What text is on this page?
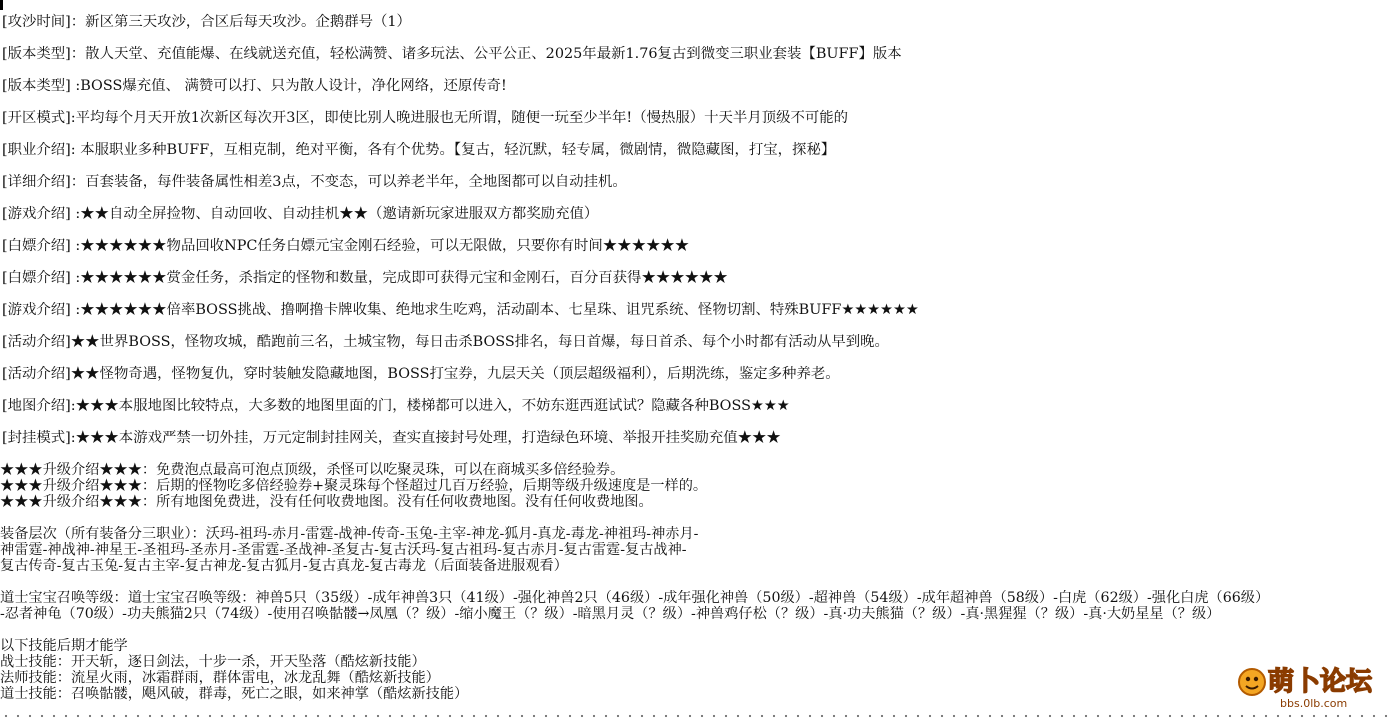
[攻沙时间]：新区第三天攻沙，合区后每天攻沙。企鹅群号（1）
[版本类型]：散人天堂、充值能爆、在线就送充值，轻松满赞、诸多玩法、公平公正、2025年最新1.76复古到微变三职业套装【BUFF】版本
[版本类型] :BOSS爆充值、 满赞可以打、只为散人设计，净化网络，还原传奇!
[开区模式]:平均每个月天开放1次新区每次开3区，即使比别人晚进服也无所谓，随便一玩至少半年!（慢热服）十天半月顶级不可能的
[职业介绍]: 本服职业多种BUFF，互相克制，绝对平衡，各有个优势。【复古，轻沉默，轻专属，微剧情，微隐藏图，打宝，探秘】
[详细介绍]：百套装备，每件装备属性相差3点，不变态，可以养老半年，全地图都可以自动挂机。
[游戏介绍] :★★自动全屏捡物、自动回收、自动挂机★★（邀请新玩家进服双方都奖励充值）
[白嫖介绍] :★★★★★★物品回收NPC任务白嫖元宝金刚石经验，可以无限做，只要你有时间★★★★★★
[白嫖介绍] :★★★★★★赏金任务，杀指定的怪物和数量，完成即可获得元宝和金刚石，百分百获得★★★★★★
[游戏介绍] :★★★★★★倍率BOSS挑战、撸啊撸卡牌收集、绝地求生吃鸡，活动副本、七星珠、诅咒系统、怪物切割、特殊BUFF★★★★★★
[活动介绍]★★世界BOSS，怪物攻城，酷跑前三名，土城宝物，每日击杀BOSS排名，每日首爆，每日首杀、每个小时都有活动从早到晚。
[活动介绍]★★怪物奇遇，怪物复仇，穿时装触发隐藏地图，BOSS打宝券，九层天关（顶层超级福利），后期洗练，鉴定多种养老。
[地图介绍]:★★★本服地图比较特点，大多数的地图里面的门，楼梯都可以进入，不妨东逛西逛试试？隐藏各种BOSS★★★
[封挂模式]:★★★本游戏严禁一切外挂，万元定制封挂网关，查实直接封号处理，打造绿色环境、举报开挂奖励充值★★★
★★★升级介绍★★★：免费泡点最高可泡点顶级，杀怪可以吃聚灵珠，可以在商城买多倍经验券。
★★★升级介绍★★★：后期的怪物吃多倍经验券+聚灵珠每个怪超过几百万经验，后期等级升级速度是一样的。
★★★升级介绍★★★：所有地图免费进，没有任何收费地图。没有任何收费地图。没有任何收费地图。
装备层次（所有装备分三职业）：沃玛-祖玛-赤月-雷霆-战神-传奇-玉兔-主宰-神龙-狐月-真龙-毒龙-神祖玛-神赤月-
神雷霆-神战神-神星王-圣祖玛-圣赤月-圣雷霆-圣战神-圣复古-复古沃玛-复古祖玛-复古赤月-复古雷霆-复古战神-
复古传奇-复古玉兔-复古主宰-复古神龙-复古狐月-复古真龙-复古毒龙（后面装备进服观看）
道士宝宝召唤等级：道士宝宝召唤等级：神兽5只（35级）-成年神兽3只（41级）-强化神兽2只（46级）-成年强化神兽（50级）-超神兽（54级）-成年超神兽（58级）-白虎（62级）-强化白虎（66级）
-忍者神龟（70级）-功夫熊猫2只（74级）-使用召唤骷髅→凤凰（？级）-缩小魔王（？级）-暗黑月灵（？级）-神兽鸡仔松（？级）-真·功夫熊猫（？级）-真·黑猩猩（？级）-真·大奶星星（？级）
以下技能后期才能学
战士技能：开天斩，逐日剑法，十步一杀，开天坠落（酷炫新技能）
法师技能：流星火雨，冰霜群雨，群体雷电，冰龙乱舞（酷炫新技能）
道士技能：召唤骷髅，飓风破，群毒，死亡之眼，如来神掌（酷炫新技能）	萌卜论坛
bbs.0lb.com
